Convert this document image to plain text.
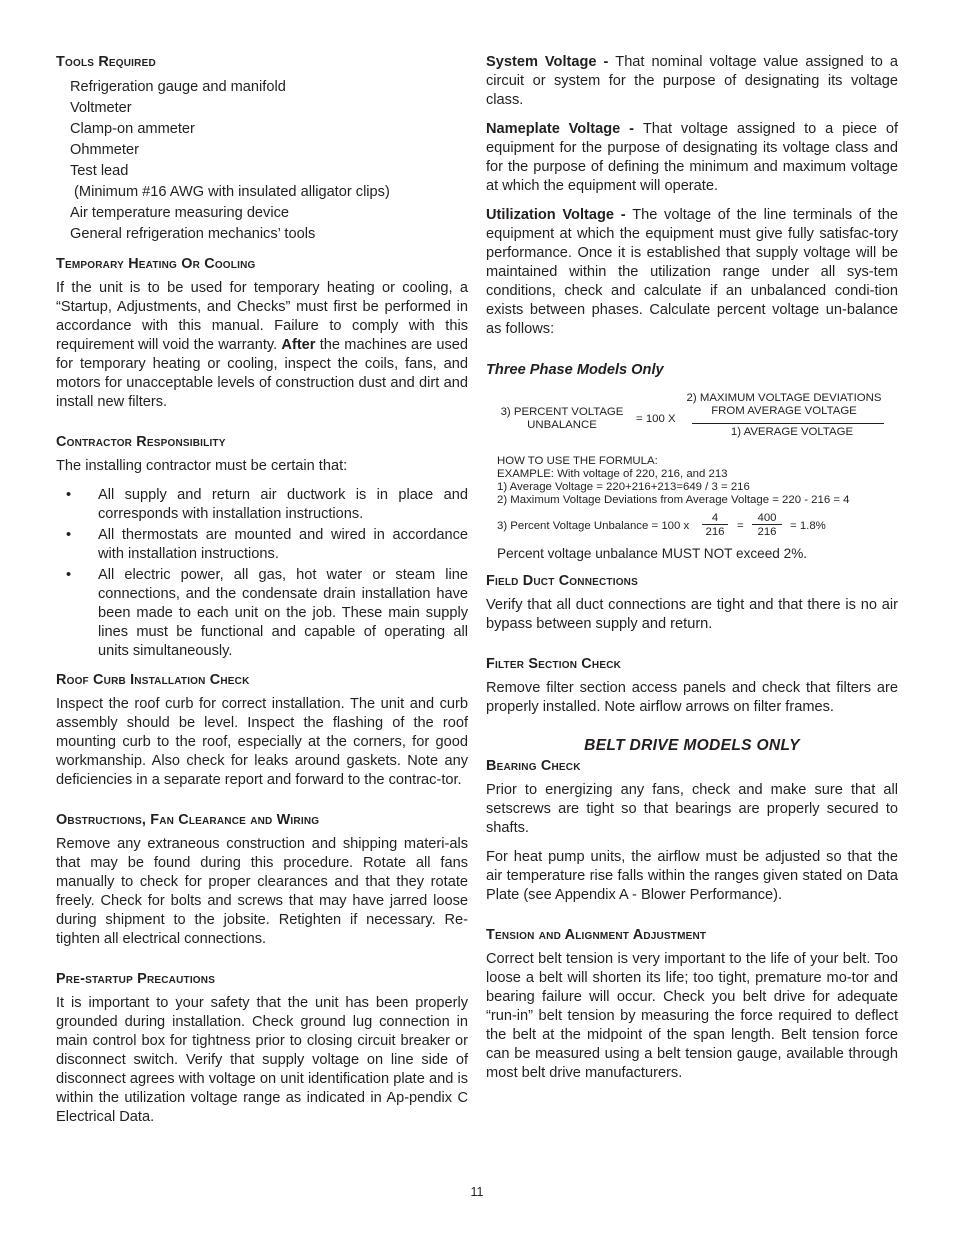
Tools Required
Refrigeration gauge and manifold
Voltmeter
Clamp-on ammeter
Ohmmeter
Test lead
(Minimum #16 AWG with insulated alligator clips)
Air temperature measuring device
General refrigeration mechanics’ tools
Temporary Heating Or Cooling

If the unit is to be used for temporary heating or cooling, a “Startup, Adjustments, and Checks” must first be performed in accordance with this manual. Failure to comply with this requirement will void the warranty. After the machines are used for temporary heating or cooling, inspect the coils, fans, and motors for unacceptable levels of construction dust and dirt and install new filters.

Contractor Responsibility

The installing contractor must be certain that:

• All supply and return air ductwork is in place and corresponds with installation instructions.
• All thermostats are mounted and wired in accordance with installation instructions.
• All electric power, all gas, hot water or steam line connections, and the condensate drain installation have been made to each unit on the job. These main supply lines must be functional and capable of operating all units simultaneously.
Roof Curb Installation Check

Inspect the roof curb for correct installation. The unit and curb assembly should be level. Inspect the flashing of the roof mounting curb to the roof, especially at the corners, for good workmanship. Also check for leaks around gaskets. Note any deficiencies in a separate report and forward to the contrac-tor.

Obstructions, Fan Clearance and Wiring

Remove any extraneous construction and shipping materi-als that may be found during this procedure. Rotate all fans manually to check for proper clearances and that they rotate freely. Check for bolts and screws that may have jarred loose during shipment to the jobsite. Retighten if necessary. Re-tighten all electrical connections.

Pre-startup Precautions

It is important to your safety that the unit has been properly grounded during installation. Check ground lug connection in main control box for tightness prior to closing circuit breaker or disconnect switch. Verify that supply voltage on line side of disconnect agrees with voltage on unit identification plate and is within the utilization voltage range as indicated in Ap-pendix C Electrical Data.

System Voltage - That nominal voltage value assigned to a circuit or system for the purpose of designating its voltage class.

Nameplate Voltage - That voltage assigned to a piece of equipment for the purpose of designating its voltage class and for the purpose of defining the minimum and maximum voltage at which the equipment will operate.

Utilization Voltage - The voltage of the line terminals of the equipment at which the equipment must give fully satisfac-tory performance. Once it is established that supply voltage will be maintained within the utilization range under all sys-tem conditions, check and calculate if an unbalanced condi-tion exists between phases. Calculate percent voltage un-balance as follows:

Three Phase Models Only

3) PERCENT VOLTAGE
UNBALANCE	= 100 X
2) MAXIMUM VOLTAGE DEVIATIONS
FROM AVERAGE VOLTAGE
1) AVERAGE VOLTAGE
HOW TO USE THE FORMULA:
EXAMPLE: With voltage of 220, 216, and 213
1) Average Voltage = 220+216+213=649 / 3 = 216
2) Maximum Voltage Deviations from Average Voltage = 220 - 216 = 4
3) Percent Voltage Unbalance = 100 x
4
216	=
400
216	= 1.8%
Percent voltage unbalance MUST NOT exceed 2%.
Field Duct Connections

Verify that all duct connections are tight and that there is no air bypass between supply and return.

Filter Section Check

Remove filter section access panels and check that filters are properly installed. Note airflow arrows on filter frames.

BELT DRIVE MODELS ONLY

Bearing Check

Prior to energizing any fans, check and make sure that all setscrews are tight so that bearings are properly secured to shafts.

For heat pump units, the airflow must be adjusted so that the air temperature rise falls within the ranges given stated on Data Plate (see Appendix A - Blower Performance).

Tension and Alignment Adjustment

Correct belt tension is very important to the life of your belt. Too loose a belt will shorten its life; too tight, premature mo-tor and bearing failure will occur. Check you belt drive for adequate “run-in” belt tension by measuring the force required to deflect the belt at the midpoint of the span length. Belt tension force can be measured using a belt tension gauge, available through most belt drive manufacturers.

11
